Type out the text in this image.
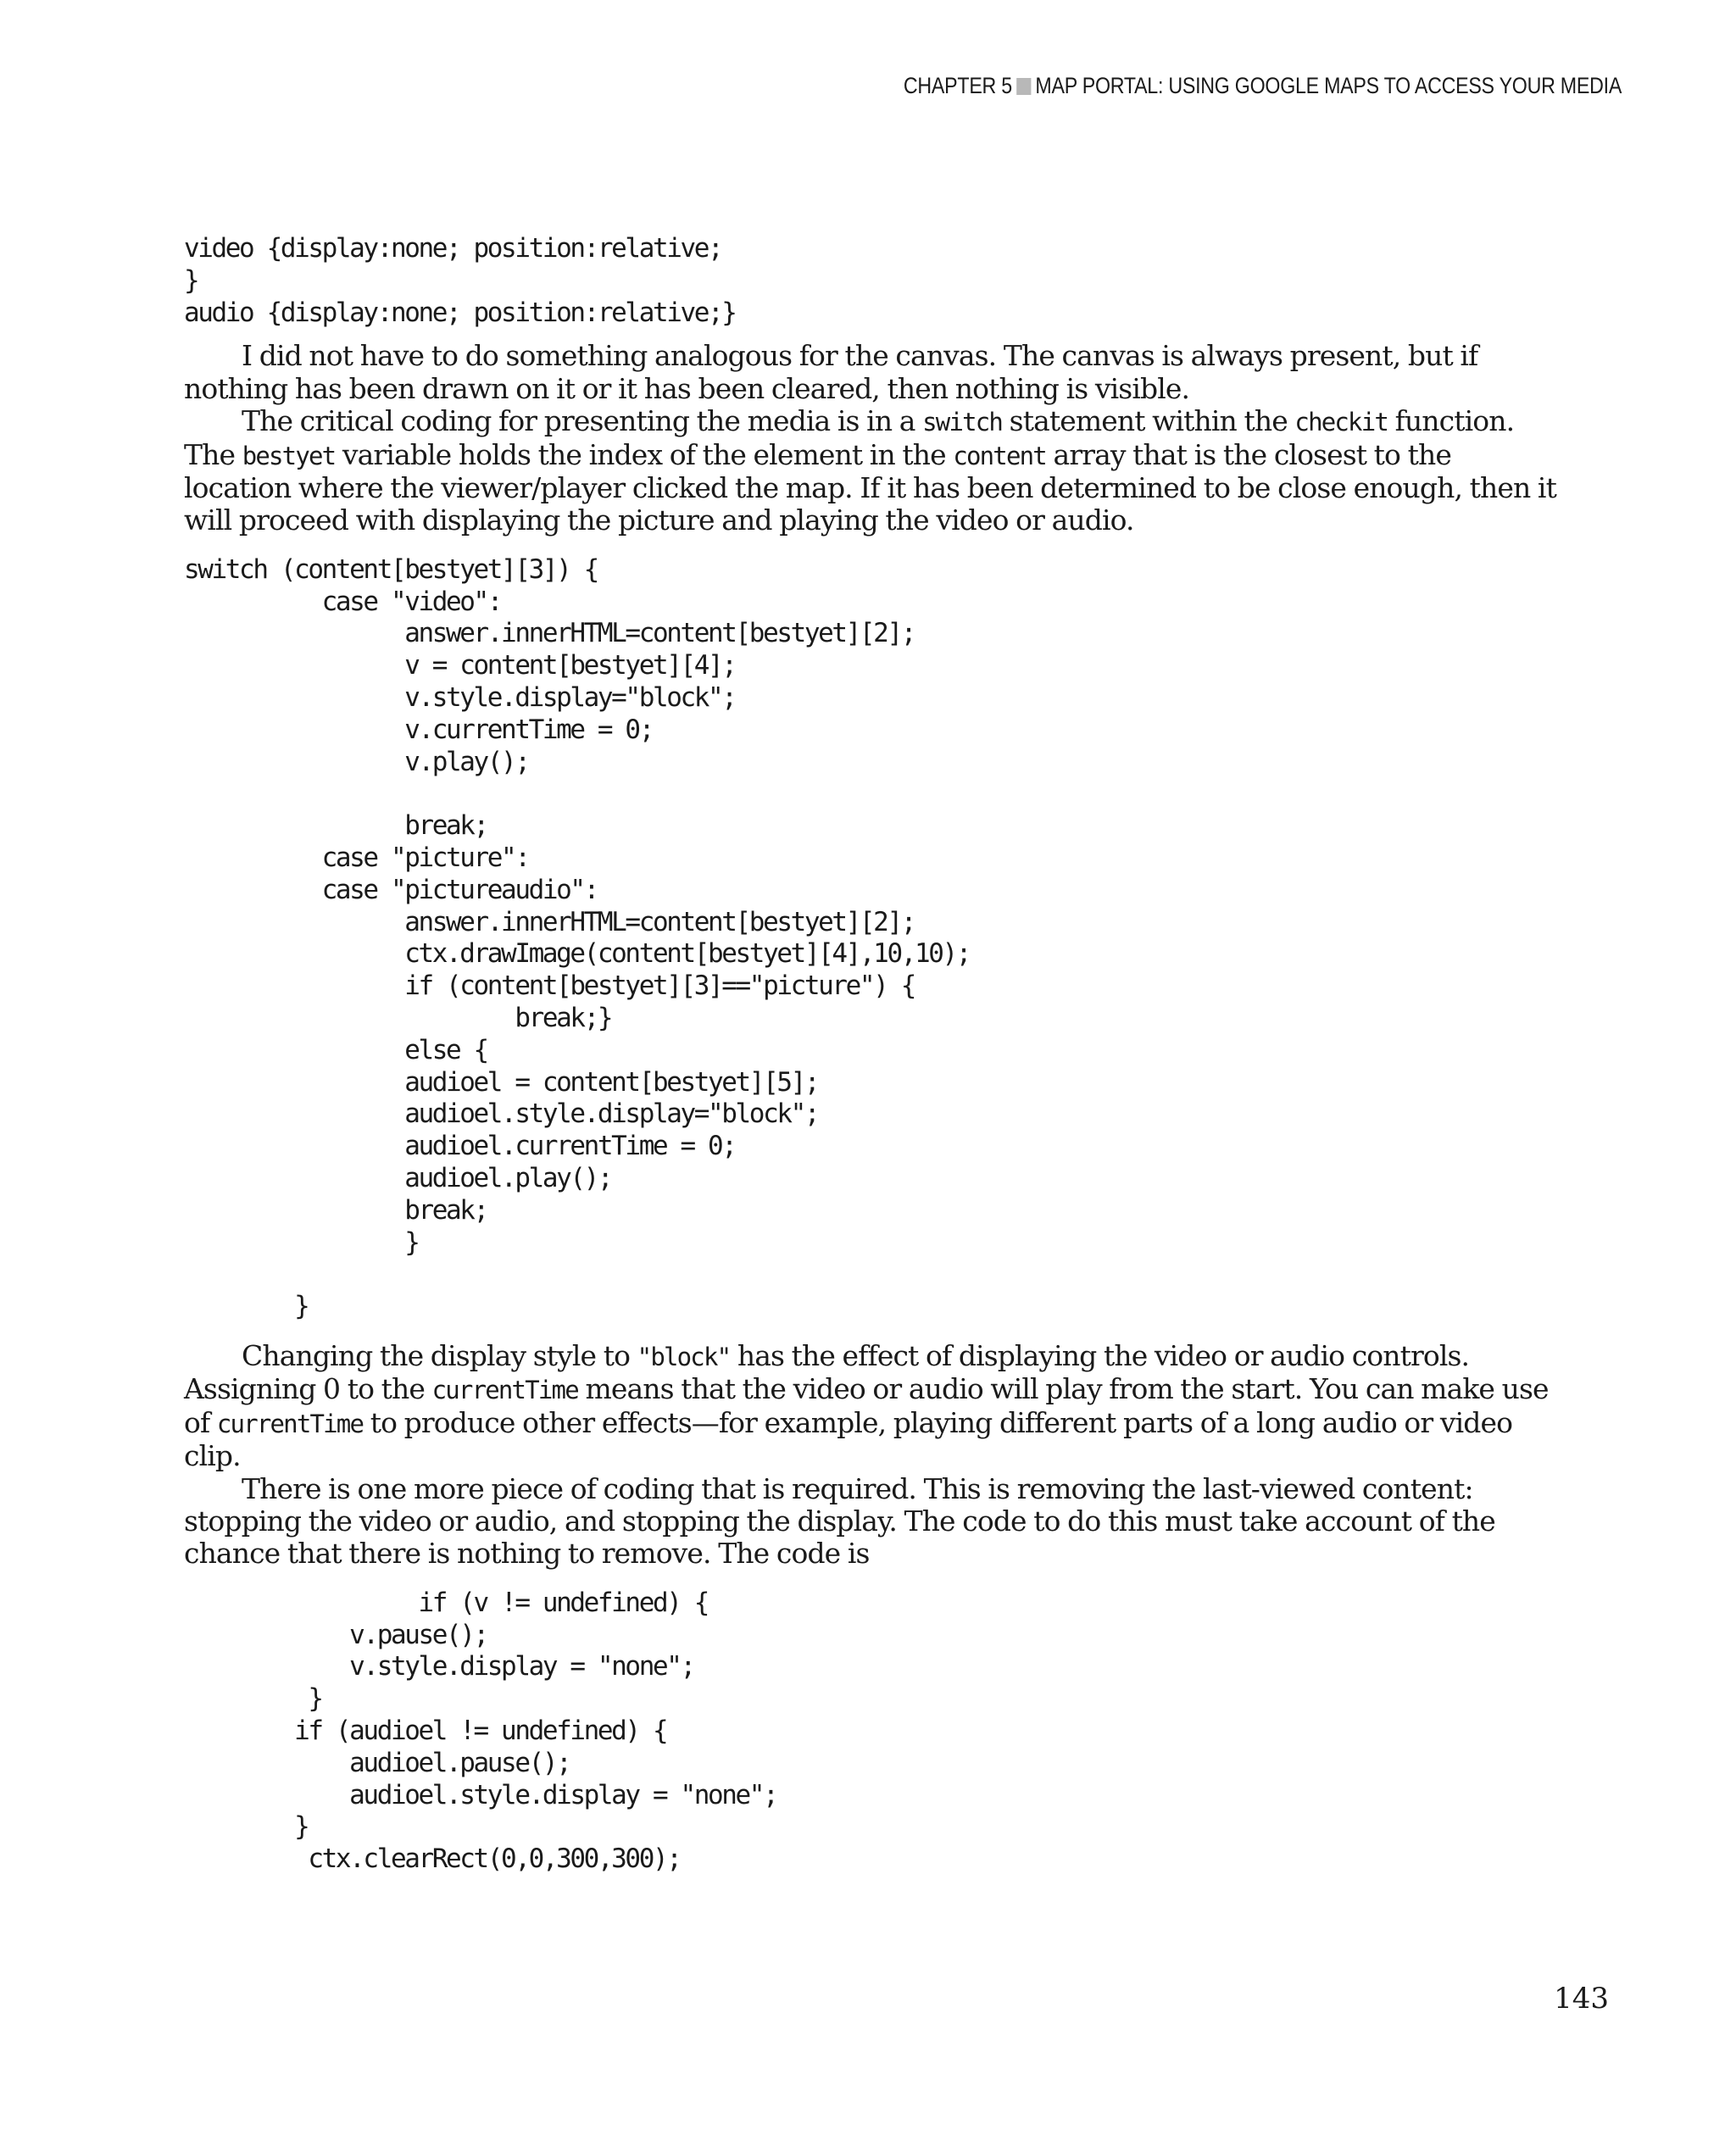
CHAPTER 5 MAP PORTAL: USING GOOGLE MAPS TO ACCESS YOUR MEDIA
video {display:none; position:relative;
}
audio {display:none; position:relative;}

I did not have to do something analogous for the canvas. The canvas is always present, but if nothing has been drawn on it or it has been cleared, then nothing is visible.

The critical coding for presenting the media is in a switch statement within the checkit function. The bestyet variable holds the index of the element in the content array that is the closest to the location where the viewer/player clicked the map. If it has been determined to be close enough, then it will proceed with displaying the picture and playing the video or audio.

switch (content[bestyet][3]) {
case "video":
answer.innerHTML=content[bestyet][2];
v = content[bestyet][4];
v.style.display="block";
v.currentTime = 0;
v.play();

break;
case "picture":
case "pictureaudio":
answer.innerHTML=content[bestyet][2];
ctx.drawImage(content[bestyet][4],10,10);
if (content[bestyet][3]=="picture") {
break;}
else {
audioel = content[bestyet][5];
audioel.style.display="block";
audioel.currentTime = 0;
audioel.play();
break;
}

}

Changing the display style to "block" has the effect of displaying the video or audio controls. Assigning 0 to the currentTime means that the video or audio will play from the start. You can make use of currentTime to produce other effects—for example, playing different parts of a long audio or video clip.

There is one more piece of coding that is required. This is removing the last-viewed content: stopping the video or audio, and stopping the display. The code to do this must take account of the chance that there is nothing to remove. The code is

if (v != undefined) {
v.pause();
v.style.display = "none";
}
if (audioel != undefined) {
audioel.pause();
audioel.style.display = "none";
}
ctx.clearRect(0,0,300,300);
143
